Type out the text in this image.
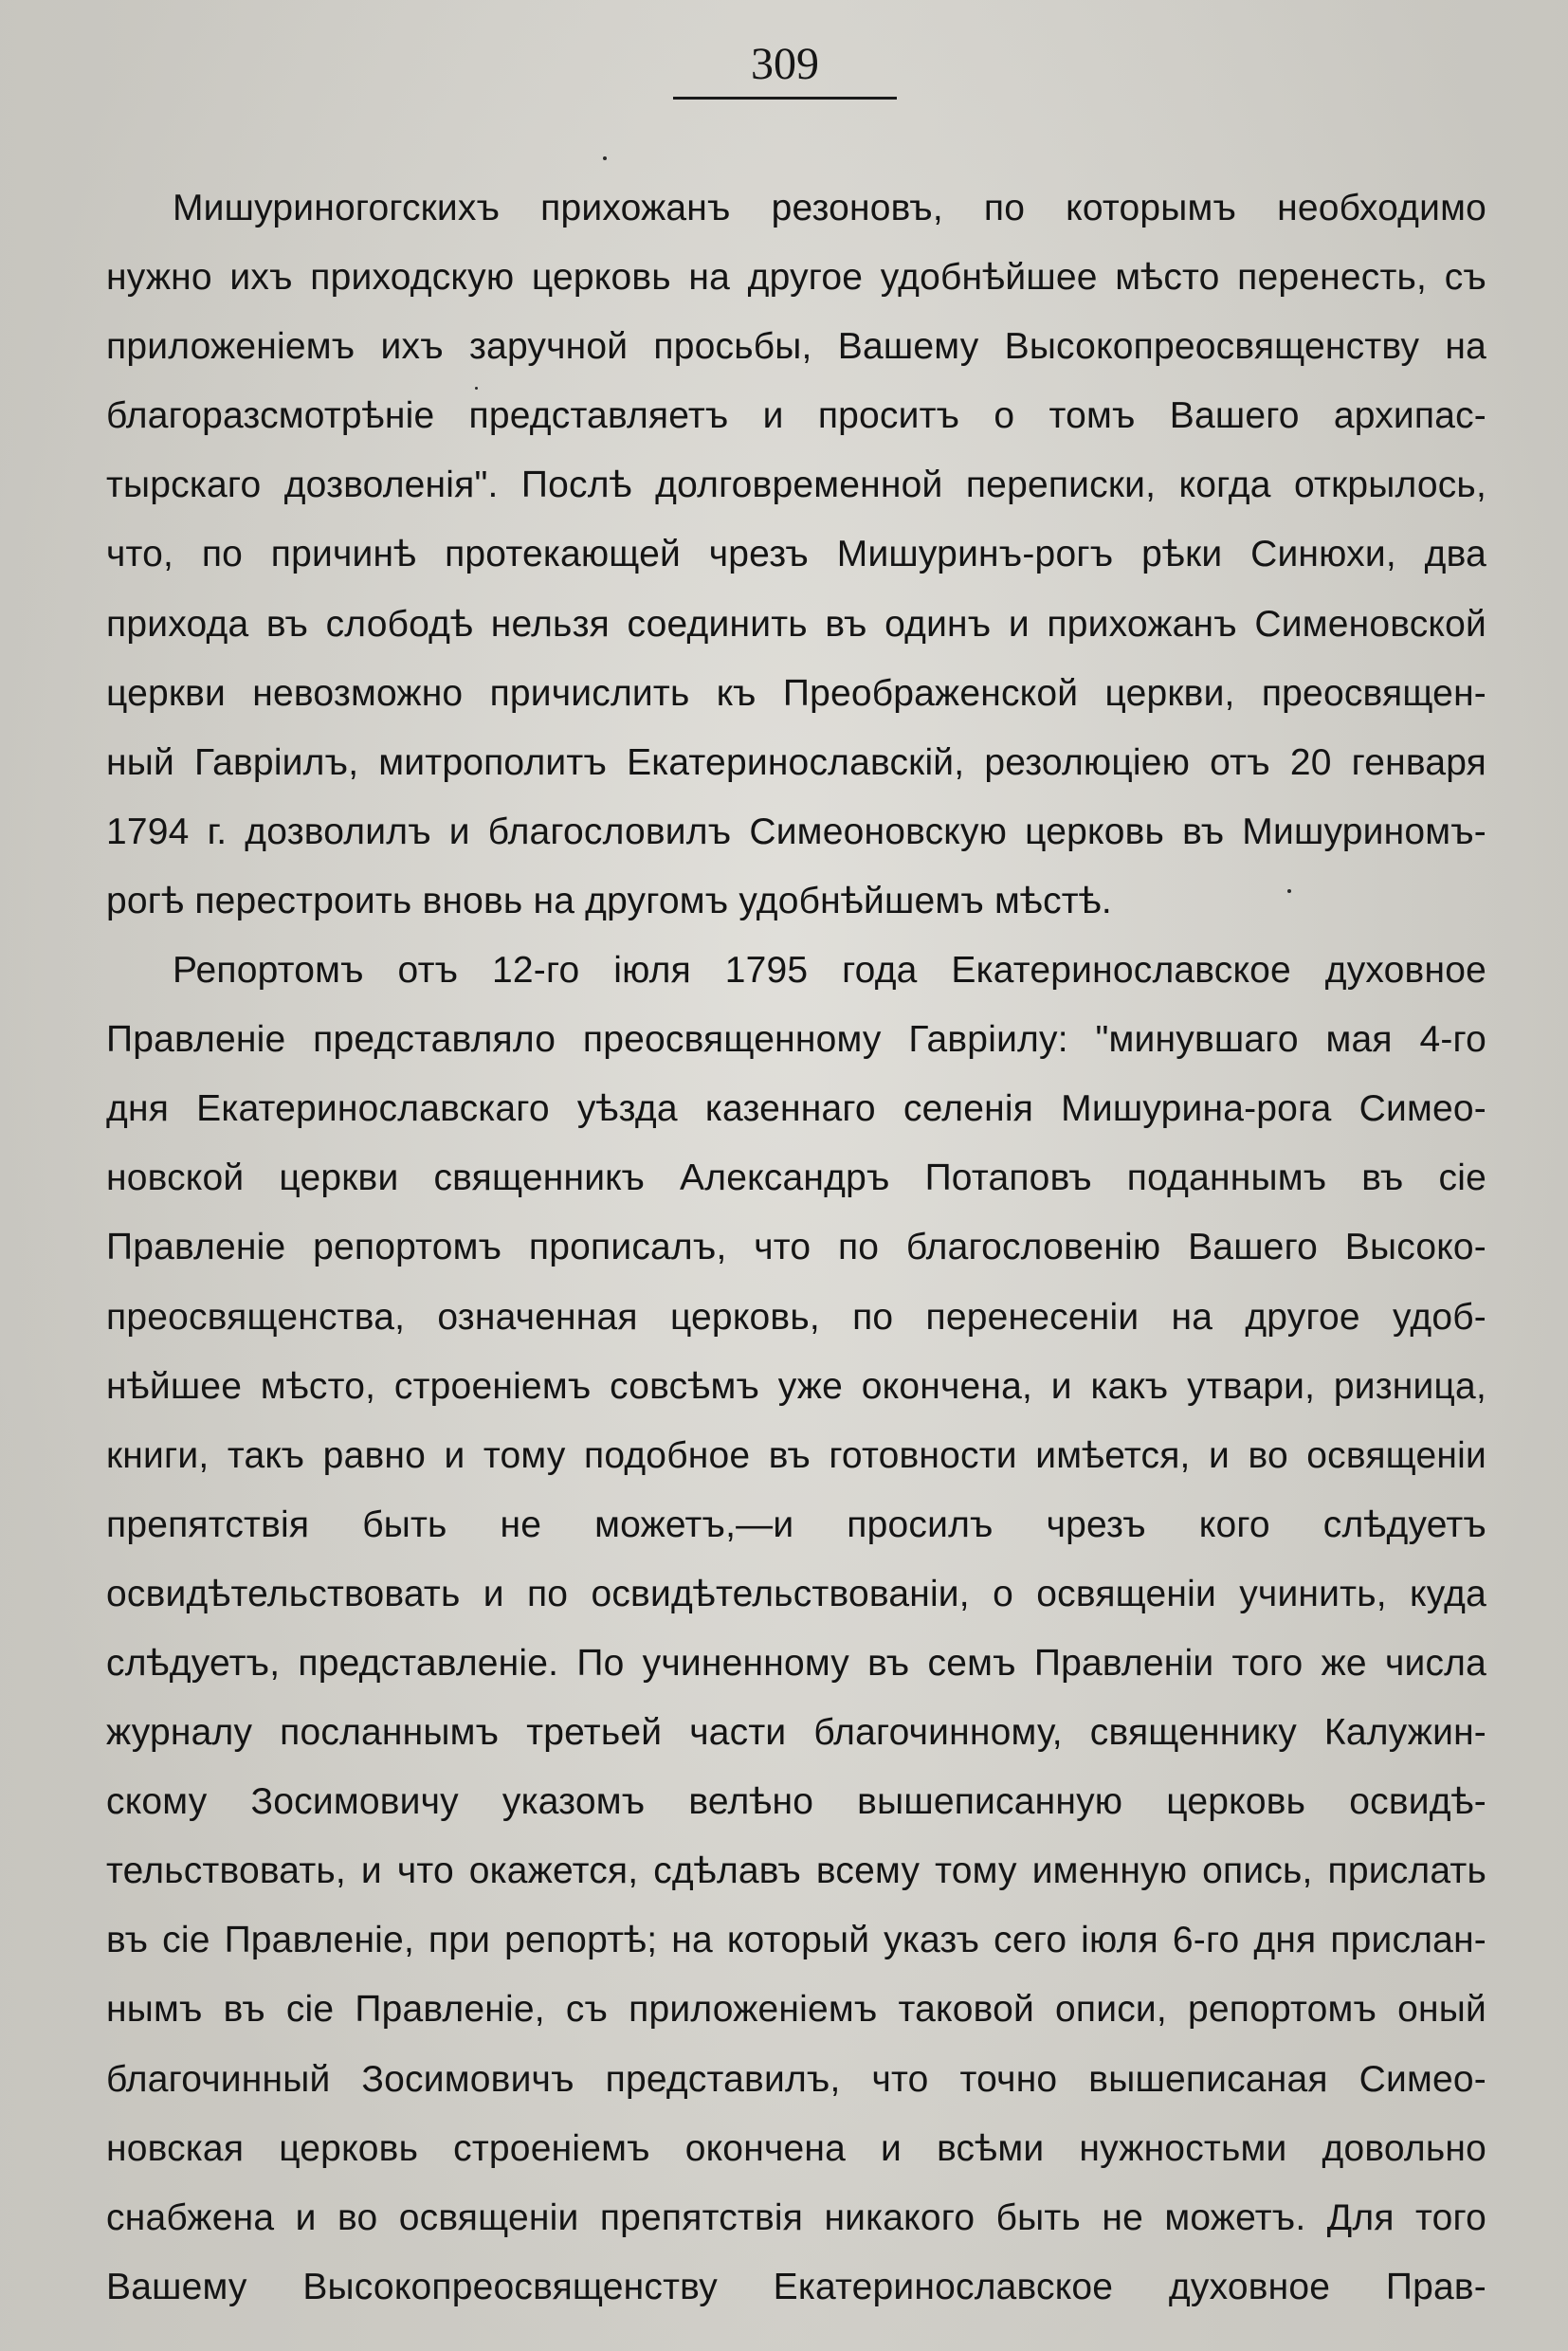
309
Мишуриногогскихъ прихожанъ резоновъ, по которымъ необходимо
нужно ихъ приходскую церковь на другое удобнѣйшее мѣсто перенесть, съ
приложеніемъ ихъ заручной просьбы, Вашему Высокопреосвященству на
благоразсмотрѣніе представляетъ и проситъ о томъ Вашего архипас-
тырскаго дозволенія". Послѣ долговременной переписки, когда открылось,
что, по причинѣ протекающей чрезъ Мишуринъ-рогъ рѣки Синюхи, два
прихода въ слободѣ нельзя соединить въ одинъ и прихожанъ Сименовской
церкви невозможно причислить къ Преображенской церкви, преосвящен-
ный Гавріилъ, митрополитъ Екатеринославскій, резолюціею отъ 20 генваря
1794 г. дозволилъ и благословилъ Симеоновскую церковь въ Мишуриномъ-
рогѣ перестроить вновь на другомъ удобнѣйшемъ мѣстѣ.
Репортомъ отъ 12-го іюля 1795 года Екатеринославское духовное
Правленіе представляло преосвященному Гавріилу: "минувшаго мая 4-го
дня Екатеринославскаго уѣзда казеннаго селенія Мишурина-рога Симео-
новской церкви священникъ Александръ Потаповъ поданнымъ въ сіе
Правленіе репортомъ прописалъ, что по благословенію Вашего Высоко-
преосвященства, означенная церковь, по перенесеніи на другое удоб-
нѣйшее мѣсто, строеніемъ совсѣмъ уже окончена, и какъ утвари, ризница,
книги, такъ равно и тому подобное въ готовности имѣется, и во освященіи
препятствія быть не можетъ,—и просилъ чрезъ кого слѣдуетъ
освидѣтельствовать и по освидѣтельствованіи, о освященіи учинить, куда
слѣдуетъ, представленіе. По учиненному въ семъ Правленіи того же числа
журналу посланнымъ третьей части благочинному, священнику Калужин-
скому Зосимовичу указомъ велѣно вышеписанную церковь освидѣ-
тельствовать, и что окажется, сдѣлавъ всему тому именную опись, прислать
въ сіе Правленіе, при репортѣ; на который указъ сего іюля 6-го дня прислан-
нымъ въ сіе Правленіе, съ приложеніемъ таковой описи, репортомъ оный
благочинный Зосимовичъ представилъ, что точно вышеписаная Симео-
новская церковь строеніемъ окончена и всѣми нужностьми довольно
снабжена и во освященіи препятствія никакого быть не можетъ. Для того
Вашему Высокопреосвященству Екатеринославское духовное Прав-
